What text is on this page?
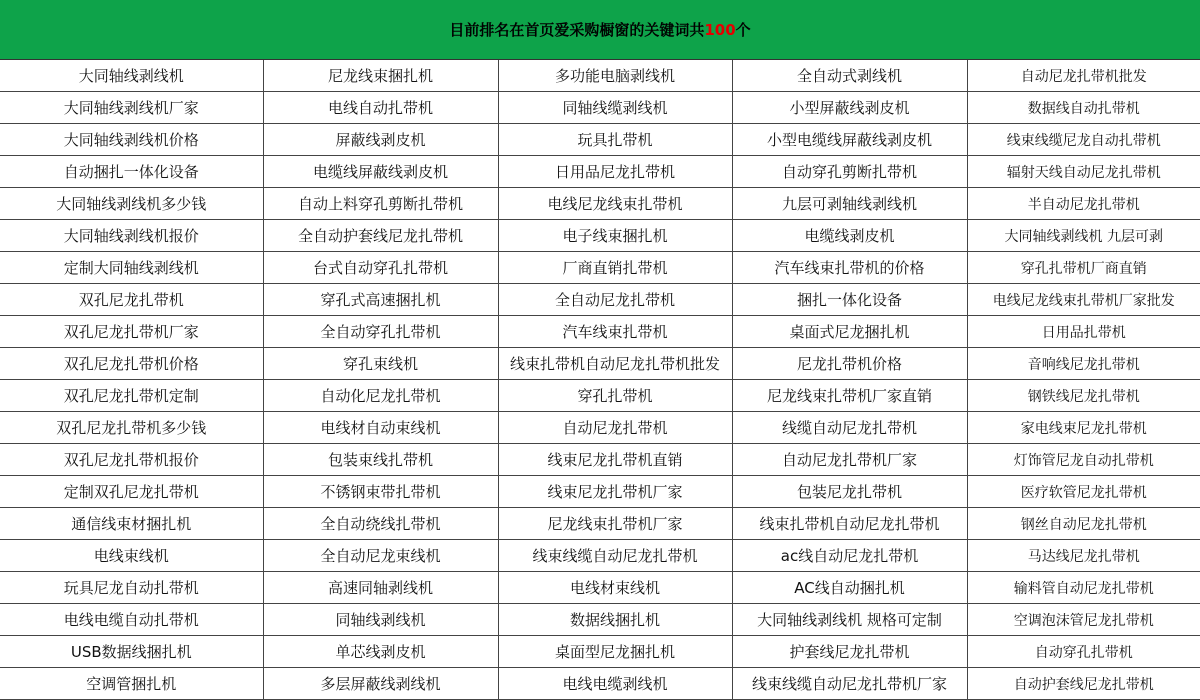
目前排名在首页爱采购橱窗的关键词共 100 个
大同轴线剥线机	尼龙线束捆扎机	多功能电脑剥线机	全自动式剥线机	自动尼龙扎带机批发
大同轴线剥线机厂家	电线自动扎带机	同轴线缆剥线机	小型屏蔽线剥皮机	数据线自动扎带机
大同轴线剥线机价格	屏蔽线剥皮机	玩具扎带机	小型电缆线屏蔽线剥皮机	线束线缆尼龙自动扎带机
自动捆扎一体化设备	电缆线屏蔽线剥皮机	日用品尼龙扎带机	自动穿孔剪断扎带机	辐射天线自动尼龙扎带机
大同轴线剥线机多少钱	自动上料穿孔剪断扎带机	电线尼龙线束扎带机	九层可剥轴线剥线机	半自动尼龙扎带机
大同轴线剥线机报价	全自动护套线尼龙扎带机	电子线束捆扎机	电缆线剥皮机	大同轴线剥线机 九层可剥
定制大同轴线剥线机	台式自动穿孔扎带机	厂商直销扎带机	汽车线束扎带机的价格	穿孔扎带机厂商直销
双孔尼龙扎带机	穿孔式高速捆扎机	全自动尼龙扎带机	捆扎一体化设备	电线尼龙线束扎带机厂家批发
双孔尼龙扎带机厂家	全自动穿孔扎带机	汽车线束扎带机	桌面式尼龙捆扎机	日用品扎带机
双孔尼龙扎带机价格	穿孔束线机	线束扎带机自动尼龙扎带机批发	尼龙扎带机价格	音响线尼龙扎带机
双孔尼龙扎带机定制	自动化尼龙扎带机	穿孔扎带机	尼龙线束扎带机厂家直销	钢铁线尼龙扎带机
双孔尼龙扎带机多少钱	电线材自动束线机	自动尼龙扎带机	线缆自动尼龙扎带机	家电线束尼龙扎带机
双孔尼龙扎带机报价	包装束线扎带机	线束尼龙扎带机直销	自动尼龙扎带机厂家	灯饰管尼龙自动扎带机
定制双孔尼龙扎带机	不锈钢束带扎带机	线束尼龙扎带机厂家	包装尼龙扎带机	医疗软管尼龙扎带机
通信线束材捆扎机	全自动绕线扎带机	尼龙线束扎带机厂家	线束扎带机自动尼龙扎带机	钢丝自动尼龙扎带机
电线束线机	全自动尼龙束线机	线束线缆自动尼龙扎带机	ac线自动尼龙扎带机	马达线尼龙扎带机
玩具尼龙自动扎带机	高速同轴剥线机	电线材束线机	AC线自动捆扎机	输料管自动尼龙扎带机
电线电缆自动扎带机	同轴线剥线机	数据线捆扎机	大同轴线剥线机 规格可定制	空调泡沫管尼龙扎带机
USB数据线捆扎机	单芯线剥皮机	桌面型尼龙捆扎机	护套线尼龙扎带机	自动穿孔扎带机
空调管捆扎机	多层屏蔽线剥线机	电线电缆剥线机	线束线缆自动尼龙扎带机厂家	自动护套线尼龙扎带机
